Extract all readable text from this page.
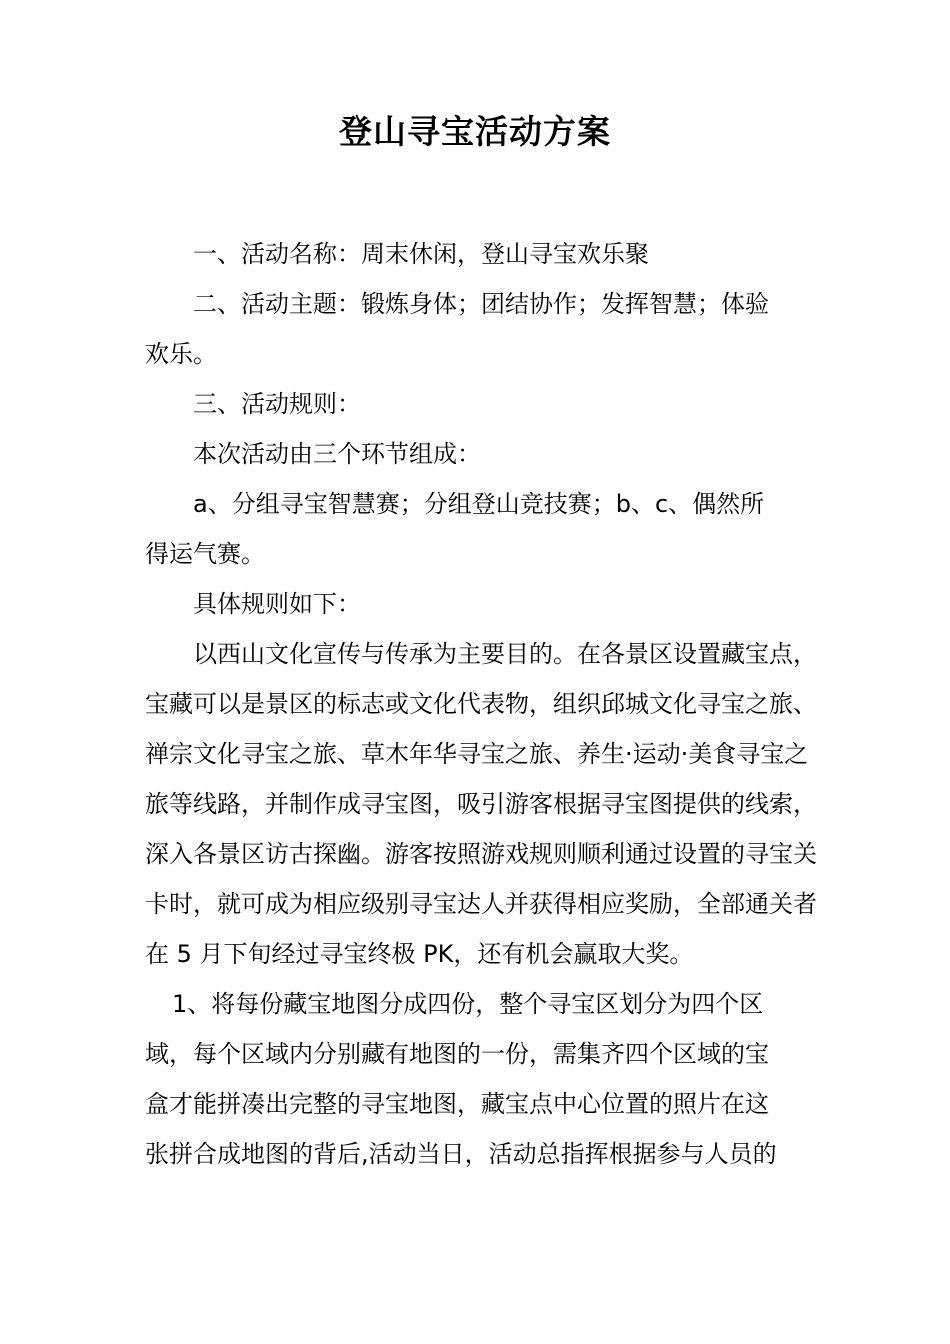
登山寻宝活动方案
一、活动名称：周末休闲，登山寻宝欢乐聚
二、活动主题：锻炼身体；团结协作；发挥智慧；体验
欢乐。
三、活动规则：
本次活动由三个环节组成：
a、分组寻宝智慧赛；分组登山竞技赛；b、c、偶然所
得运气赛。
具体规则如下：
以西山文化宣传与传承为主要目的。在各景区设置藏宝点，
宝藏可以是景区的标志或文化代表物，组织邱城文化寻宝之旅、
禅宗文化寻宝之旅、草木年华寻宝之旅、养生·运动·美食寻宝之
旅等线路，并制作成寻宝图，吸引游客根据寻宝图提供的线索，
深入各景区访古探幽。游客按照游戏规则顺利通过设置的寻宝关
卡时，就可成为相应级别寻宝达人并获得相应奖励，全部通关者
在 5 月下旬经过寻宝终极 PK，还有机会赢取大奖。
1、将每份藏宝地图分成四份，整个寻宝区划分为四个区
域，每个区域内分别藏有地图的一份，需集齐四个区域的宝
盒才能拼凑出完整的寻宝地图，藏宝点中心位置的照片在这
张拼合成地图的背后,活动当日，活动总指挥根据参与人员的
